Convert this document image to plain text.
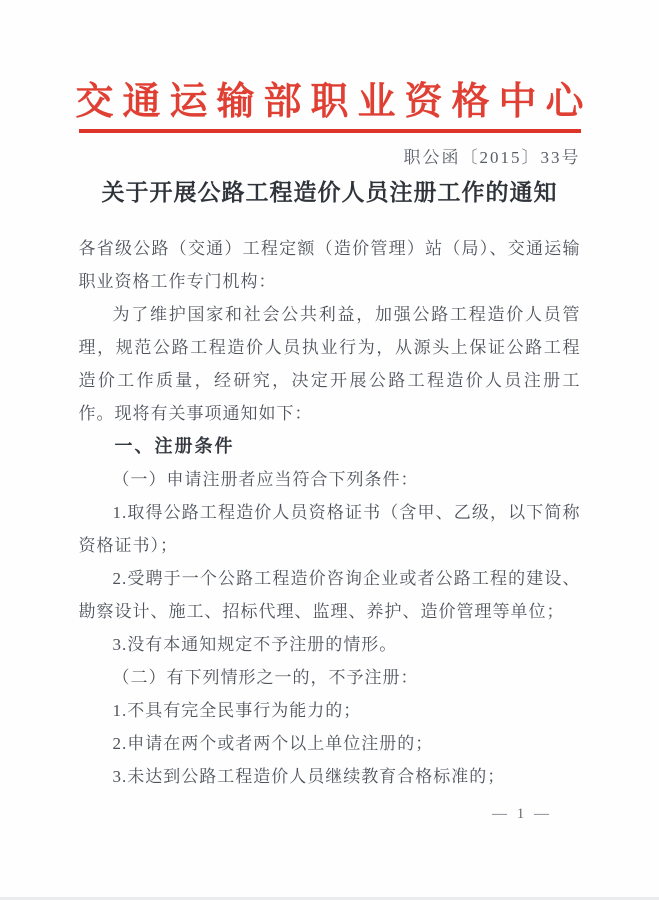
交通运输部职业资格中心
职公函〔2015〕33号
关于开展公路工程造价人员注册工作的通知

各省级公路（交通）工程定额（造价管理）站（局）、交通运输职业资格工作专门机构：

为了维护国家和社会公共利益，加强公路工程造价人员管理，规范公路工程造价人员执业行为，从源头上保证公路工程造价工作质量，经研究，决定开展公路工程造价人员注册工作。现将有关事项通知如下：

一、注册条件

（一）申请注册者应当符合下列条件：

1.取得公路工程造价人员资格证书（含甲、乙级，以下简称资格证书）；

2.受聘于一个公路工程造价咨询企业或者公路工程的建设、勘察设计、施工、招标代理、监理、养护、造价管理等单位；

3.没有本通知规定不予注册的情形。

（二）有下列情形之一的，不予注册：

1.不具有完全民事行为能力的；

2.申请在两个或者两个以上单位注册的；

3.未达到公路工程造价人员继续教育合格标准的；

— 1 —
